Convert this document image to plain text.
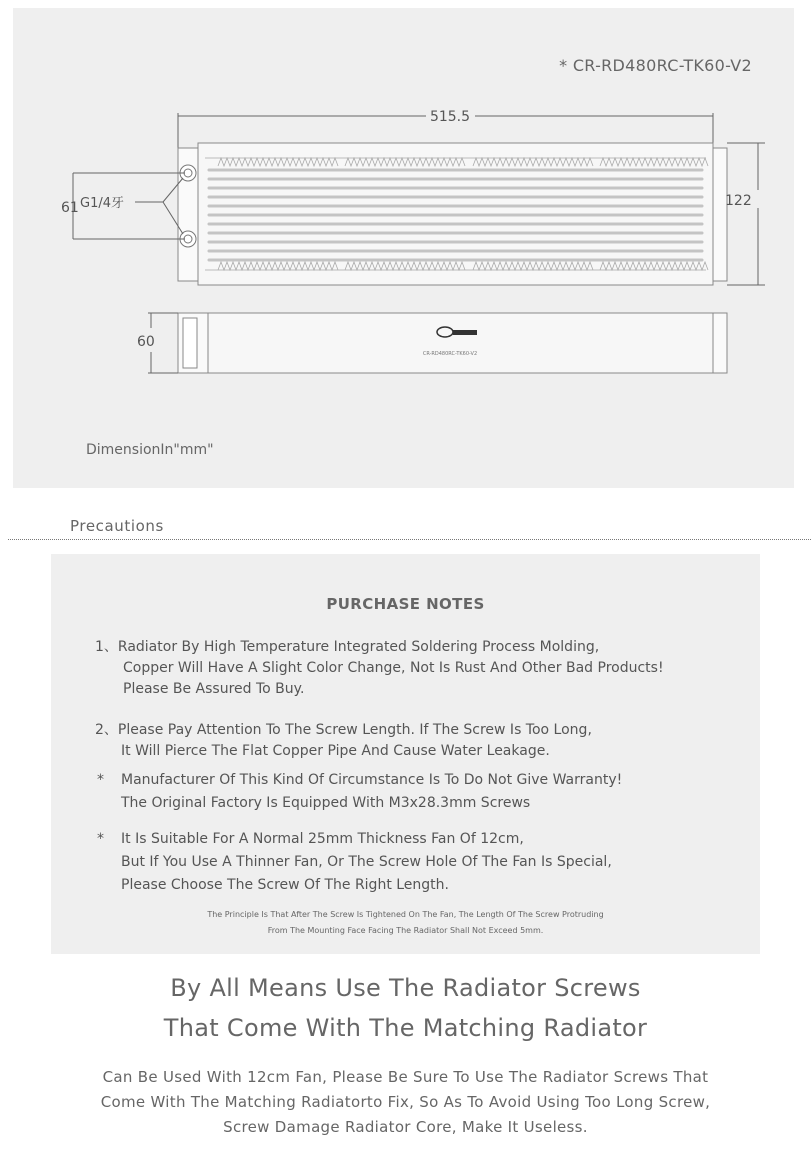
* CR-RD480RC-TK60-V2
515.5
61 G1/4牙	122
60
CR-RD480RC-TK60-V2
DimensionIn"mm"
Precautions
PURCHASE NOTES
1、Radiator By High Temperature Integrated Soldering Process Molding,
Copper Will Have A Slight Color Change, Not Is Rust And Other Bad Products!
Please Be Assured To Buy.
2、Please Pay Attention To The Screw Length. If The Screw Is Too Long,
It Will Pierce The Flat Copper Pipe And Cause Water Leakage.
*	Manufacturer Of This Kind Of Circumstance Is To Do Not Give Warranty!
The Original Factory Is Equipped With M3x28.3mm Screws
*	It Is Suitable For A Normal 25mm Thickness Fan Of 12cm,
But If You Use A Thinner Fan, Or The Screw Hole Of The Fan Is Special,
Please Choose The Screw Of The Right Length.
The Principle Is That After The Screw Is Tightened On The Fan, The Length Of The Screw Protruding
From The Mounting Face Facing The Radiator Shall Not Exceed 5mm.
By All Means Use The Radiator Screws
That Come With The Matching Radiator
Can Be Used With 12cm Fan, Please Be Sure To Use The Radiator Screws That
Come With The Matching Radiatorto Fix, So As To Avoid Using Too Long Screw,
Screw Damage Radiator Core, Make It Useless.
